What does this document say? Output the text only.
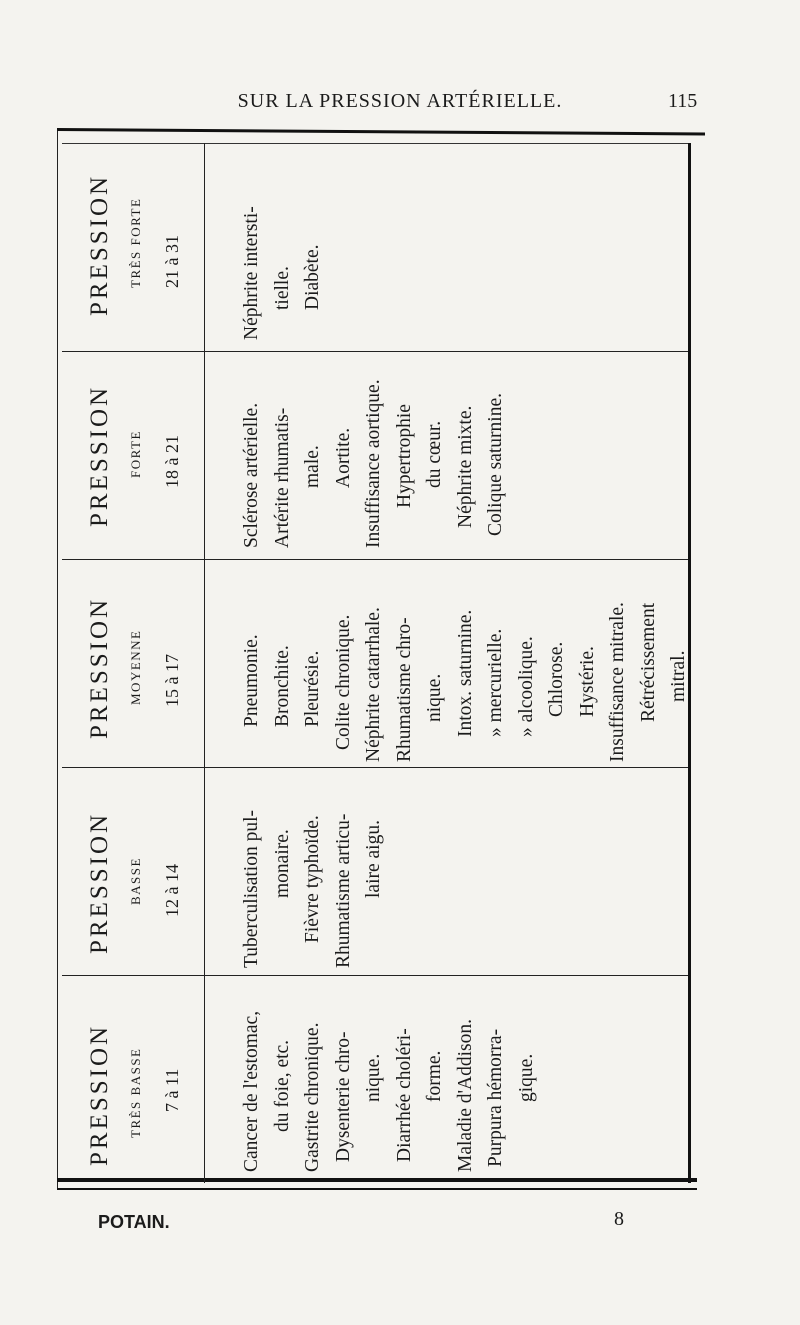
SUR LA PRESSION ARTÉRIELLE.	115
PRESSION TRÈS FORTE 21 à 31	Néphrite intersti- tielle. Diabète.
PRESSION FORTE 18 à 21	Sclérose artérielle. Artérite rhumatis- male. Aortite. Insuffisance aortique. Hypertrophie du cœur. Néphrite mixte. Colique saturnine.
PRESSION MOYENNE 15 à 17	Pneumonie. Bronchite. Pleurésie. Colite chronique. Néphrite catarrhale. Rhumatisme chro- nique. Intox. saturnine. » mercurielle. » alcoolique. Chlorose. Hystérie. Insuffisance mitrale. Rétrécissement mitral.
PRESSION BASSE 12 à 14	Tuberculisation pul- monaire. Fièvre typhoïde. Rhumatisme articu- laire aigu.
PRESSION TRÈS BASSE 7 à 11	Cancer de l'estomac, du foie, etc. Gastrite chronique. Dysenterie chro- nique. Diarrhée choléri- forme. Maladie d'Addison. Purpura hémorra- gique.
POTAIN.	8
